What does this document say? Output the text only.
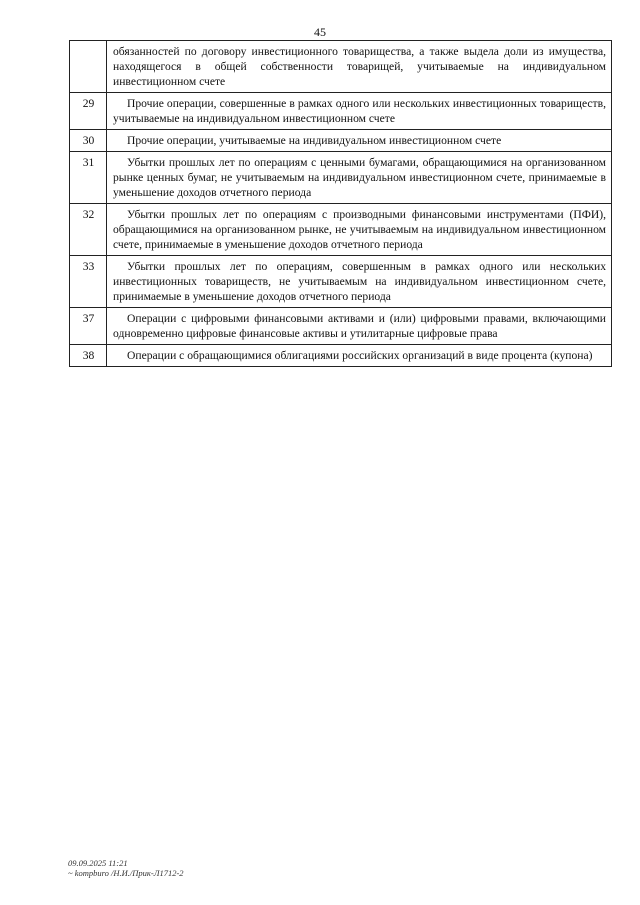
45
	обязанностей по договору инвестиционного товарищества, а также выдела доли из имущества, находящегося в общей собственности товарищей, учитываемые на индивидуальном инвестиционном счете
29	Прочие операции, совершенные в рамках одного или нескольких инвестиционных товариществ, учитываемые на индивидуальном инвестиционном счете
30	Прочие операции, учитываемые на индивидуальном инвестиционном счете
31	Убытки прошлых лет по операциям с ценными бумагами, обращающимися на организованном рынке ценных бумаг, не учитываемым на индивидуальном инвестиционном счете, принимаемые в уменьшение доходов отчетного периода
32	Убытки прошлых лет по операциям с производными финансовыми инструментами (ПФИ), обращающимися на организованном рынке, не учитываемым на индивидуальном инвестиционном счете, принимаемые в уменьшение доходов отчетного периода
33	Убытки прошлых лет по операциям, совершенным в рамках одного или нескольких инвестиционных товариществ, не учитываемым на индивидуальном инвестиционном счете, принимаемые в уменьшение доходов отчетного периода
37	Операции с цифровыми финансовыми активами и (или) цифровыми правами, включающими одновременно цифровые финансовые активы и утилитарные цифровые права
38	Операции с обращающимися облигациями российских организаций в виде процента (купона)
09.09.2025 11:21
~ kompburo /Н.И./Прик-Л1712-2
